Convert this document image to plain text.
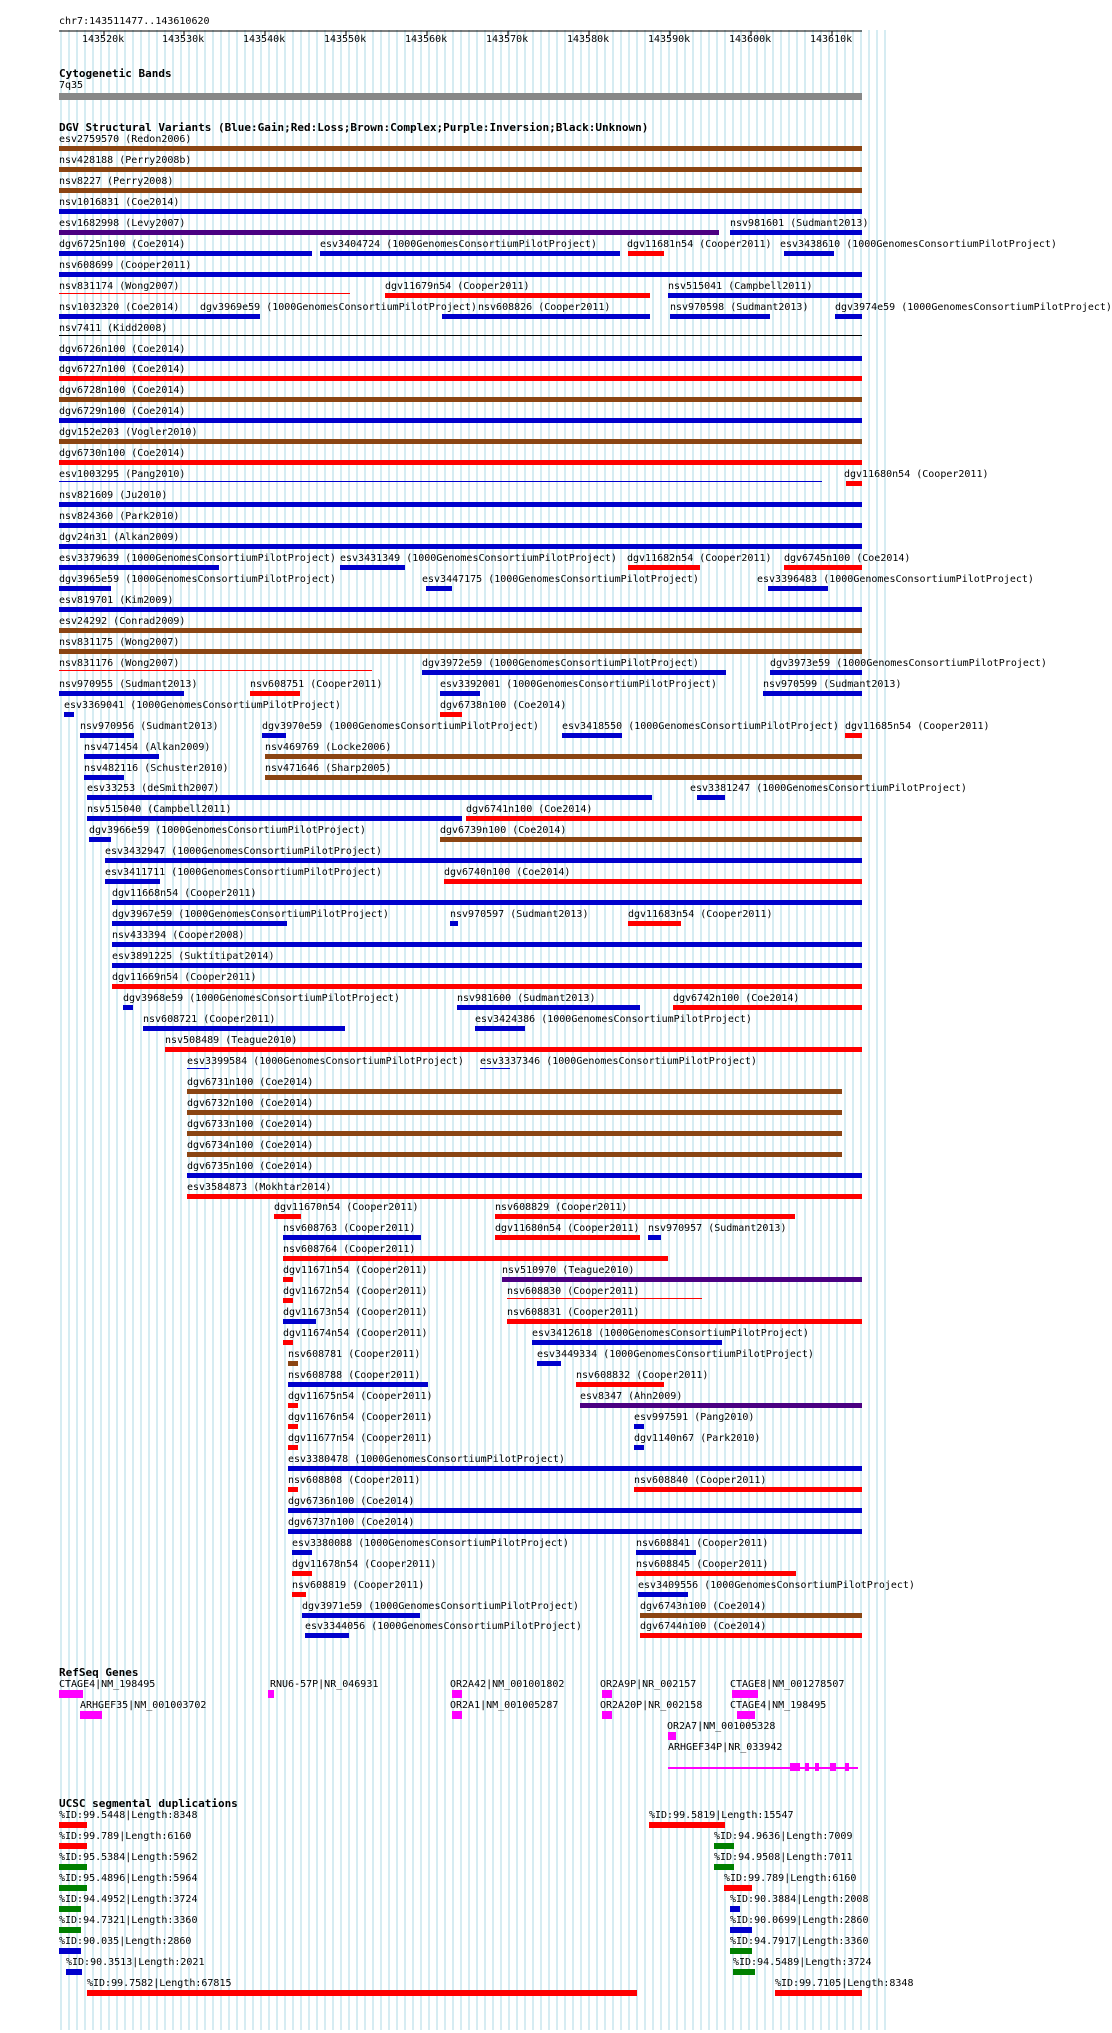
chr7:143511477..143610620
143520k	143530k	143540k	143550k	143560k	143570k	143580k	143590k	143600k	143610k
Cytogenetic Bands
7q35
DGV Structural Variants (Blue:Gain;Red:Loss;Brown:Complex;Purple:Inversion;Black:Unknown)
esv2759570 (Redon2006)
nsv428188 (Perry2008b)
nsv8227 (Perry2008)
nsv1016831 (Coe2014)
esv1682998 (Levy2007)	nsv981601 (Sudmant2013)
dgv6725n100 (Coe2014)	esv3404724 (1000GenomesConsortiumPilotProject)	dgv11681n54 (Cooper2011) esv3438610 (1000GenomesConsortiumPilotProject)
nsv608699 (Cooper2011)
nsv831174 (Wong2007)	dgv11679n54 (Cooper2011)	nsv515041 (Campbell2011)
nsv1032320 (Coe2014) dgv3969e59 (1000GenomesConsortiumPilotProject) nsv608826 (Cooper2011)	nsv970598 (Sudmant2013)	dgv3974e59 (1000GenomesConsortiumPilotProject)
nsv7411 (Kidd2008)
dgv6726n100 (Coe2014)
dgv6727n100 (Coe2014)
dgv6728n100 (Coe2014)
dgv6729n100 (Coe2014)
dgv152e203 (Vogler2010)
dgv6730n100 (Coe2014)
esv1003295 (Pang2010)	dgv11680n54 (Cooper2011)
nsv821609 (Ju2010)
nsv824360 (Park2010)
dgv24n31 (Alkan2009)
esv3379639 (1000GenomesConsortiumPilotProject) esv3431349 (1000GenomesConsortiumPilotProject) dgv11682n54 (Cooper2011) dgv6745n100 (Coe2014)
dgv3965e59 (1000GenomesConsortiumPilotProject)	esv3447175 (1000GenomesConsortiumPilotProject)	esv3396483 (1000GenomesConsortiumPilotProject)
esv819701 (Kim2009)
esv24292 (Conrad2009)
nsv831175 (Wong2007)
nsv831176 (Wong2007)	dgv3972e59 (1000GenomesConsortiumPilotProject)	dgv3973e59 (1000GenomesConsortiumPilotProject)
nsv970955 (Sudmant2013)	nsv608751 (Cooper2011)	esv3392001 (1000GenomesConsortiumPilotProject)	nsv970599 (Sudmant2013)
esv3369041 (1000GenomesConsortiumPilotProject)	dgv6738n100 (Coe2014)
nsv970956 (Sudmant2013)	dgv3970e59 (1000GenomesConsortiumPilotProject) esv3418550 (1000GenomesConsortiumPilotProject) dgv11685n54 (Cooper2011)
nsv471454 (Alkan2009)	nsv469769 (Locke2006)
nsv482116 (Schuster2010)	nsv471646 (Sharp2005)
esv33253 (deSmith2007)	esv3381247 (1000GenomesConsortiumPilotProject)
nsv515040 (Campbell2011)	dgv6741n100 (Coe2014)
dgv3966e59 (1000GenomesConsortiumPilotProject)	dgv6739n100 (Coe2014)
esv3432947 (1000GenomesConsortiumPilotProject)
esv3411711 (1000GenomesConsortiumPilotProject)	dgv6740n100 (Coe2014)
dgv11668n54 (Cooper2011)
dgv3967e59 (1000GenomesConsortiumPilotProject)	nsv970597 (Sudmant2013)	dgv11683n54 (Cooper2011)
nsv433394 (Cooper2008)
esv3891225 (Suktitipat2014)
dgv11669n54 (Cooper2011)
dgv3968e59 (1000GenomesConsortiumPilotProject)	nsv981600 (Sudmant2013)	dgv6742n100 (Coe2014)
nsv608721 (Cooper2011)	esv3424386 (1000GenomesConsortiumPilotProject)
nsv508489 (Teague2010)
esv3399584 (1000GenomesConsortiumPilotProject) esv3337346 (1000GenomesConsortiumPilotProject)
dgv6731n100 (Coe2014)
dgv6732n100 (Coe2014)
dgv6733n100 (Coe2014)
dgv6734n100 (Coe2014)
dgv6735n100 (Coe2014)
esv3584873 (Mokhtar2014)
dgv11670n54 (Cooper2011)	nsv608829 (Cooper2011)
nsv608763 (Cooper2011)	dgv11680n54 (Cooper2011) nsv970957 (Sudmant2013)
nsv608764 (Cooper2011)
dgv11671n54 (Cooper2011)	nsv510970 (Teague2010)
dgv11672n54 (Cooper2011)	nsv608830 (Cooper2011)
dgv11673n54 (Cooper2011)	nsv608831 (Cooper2011)
dgv11674n54 (Cooper2011)	esv3412618 (1000GenomesConsortiumPilotProject)
nsv608781 (Cooper2011)	esv3449334 (1000GenomesConsortiumPilotProject)
nsv608788 (Cooper2011)	nsv608832 (Cooper2011)
dgv11675n54 (Cooper2011)	esv8347 (Ahn2009)
dgv11676n54 (Cooper2011)	esv997591 (Pang2010)
dgv11677n54 (Cooper2011)	dgv1140n67 (Park2010)
esv3380478 (1000GenomesConsortiumPilotProject)
nsv608808 (Cooper2011)	nsv608840 (Cooper2011)
dgv6736n100 (Coe2014)
dgv6737n100 (Coe2014)
esv3380088 (1000GenomesConsortiumPilotProject)	nsv608841 (Cooper2011)
dgv11678n54 (Cooper2011)	nsv608845 (Cooper2011)
nsv608819 (Cooper2011)	esv3409556 (1000GenomesConsortiumPilotProject)
dgv3971e59 (1000GenomesConsortiumPilotProject)	dgv6743n100 (Coe2014)
esv3344056 (1000GenomesConsortiumPilotProject)	dgv6744n100 (Coe2014)
RefSeq Genes
CTAGE4|NM_198495	RNU6-57P|NR_046931	OR2A42|NM_001001802	OR2A9P|NR_002157	CTAGE8|NM_001278507
ARHGEF35|NM_001003702	OR2A1|NM_001005287	OR2A20P|NR_002158	CTAGE4|NM_198495
OR2A7|NM_001005328
ARHGEF34P|NR_033942
UCSC segmental duplications
%ID:99.5448|Length:8348	%ID:99.5819|Length:15547
%ID:99.789|Length:6160	%ID:94.9636|Length:7009
%ID:95.5384|Length:5962	%ID:94.9508|Length:7011
%ID:95.4896|Length:5964	%ID:99.789|Length:6160
%ID:94.4952|Length:3724	%ID:90.3884|Length:2008
%ID:94.7321|Length:3360	%ID:90.0699|Length:2860
%ID:90.035|Length:2860	%ID:94.7917|Length:3360
%ID:90.3513|Length:2021	%ID:94.5489|Length:3724
%ID:99.7582|Length:67815	%ID:99.7105|Length:8348
